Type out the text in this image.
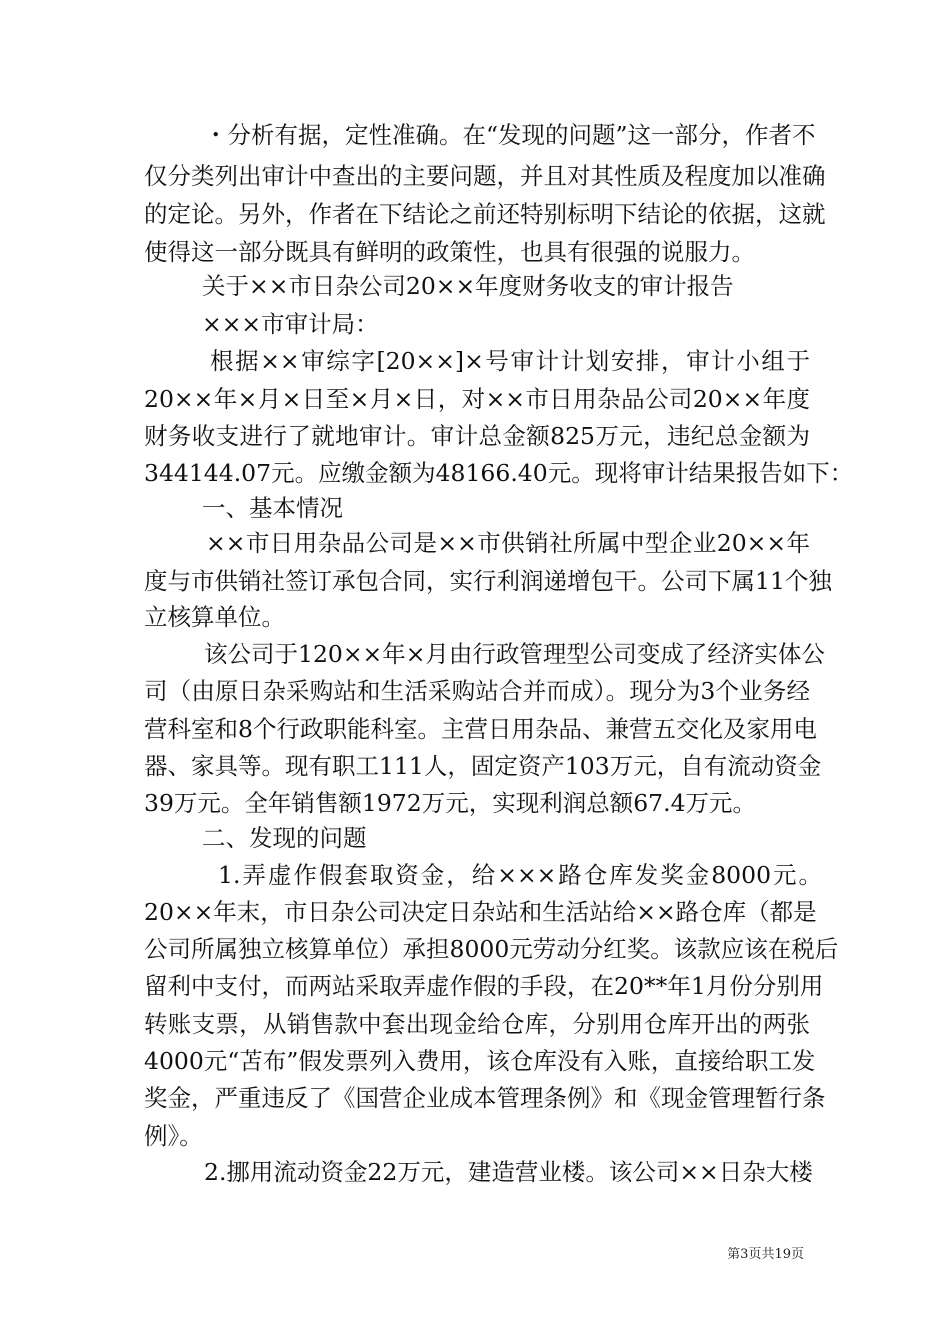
・分析有据，定性准确。在“发现的问题”这一部分，作者不
仅分类列出审计中查出的主要问题，并且对其性质及程度加以准确
的定论。另外，作者在下结论之前还特别标明下结论的依据，这就
使得这一部分既具有鲜明的政策性，也具有很强的说服力。
关于××市日杂公司20××年度财务收支的审计报告
×××市审计局：
根据××审综字[20××]×号审计计划安排，审计小组于
20××年×月×日至×月×日，对××市日用杂品公司20××年度
财务收支进行了就地审计。审计总金额825万元，违纪总金额为
344144.07元。应缴金额为48166.40元。现将审计结果报告如下：
一、基本情况
××市日用杂品公司是××市供销社所属中型企业20××年
度与市供销社签订承包合同，实行利润递增包干。公司下属11个独
立核算单位。
该公司于120××年×月由行政管理型公司变成了经济实体公
司（由原日杂采购站和生活采购站合并而成）。现分为3个业务经
营科室和8个行政职能科室。主营日用杂品、兼营五交化及家用电
器、家具等。现有职工111人，固定资产103万元，自有流动资金
39万元。全年销售额1972万元，实现利润总额67.4万元。
二、发现的问题
1.弄虚作假套取资金，给×××路仓库发奖金8000元。
20××年末，市日杂公司决定日杂站和生活站给××路仓库（都是
公司所属独立核算单位）承担8000元劳动分红奖。该款应该在税后
留利中支付，而两站采取弄虚作假的手段，在20**年1月份分别用
转账支票，从销售款中套出现金给仓库，分别用仓库开出的两张
4000元“苫布”假发票列入费用，该仓库没有入账，直接给职工发
奖金，严重违反了《国营企业成本管理条例》和《现金管理暂行条
例》。
2.挪用流动资金22万元，建造营业楼。该公司××日杂大楼
第3页共19页
